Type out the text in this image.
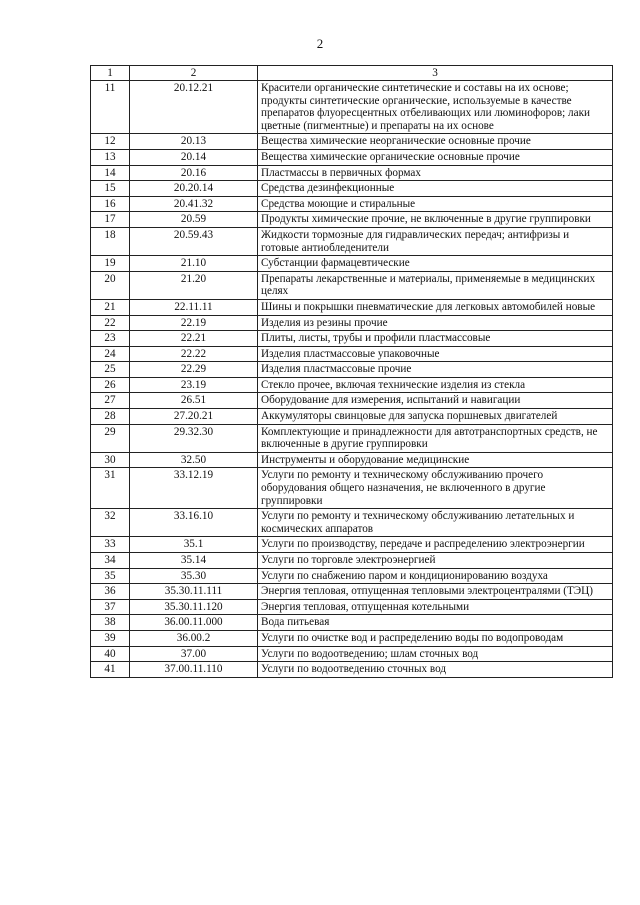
2
1	2	3
11	20.12.21	Красители органические синтетические и составы на их основе; продукты синтетические органические, используемые в качестве препаратов флуоресцентных отбеливающих или люминофоров; лаки цветные (пигментные) и препараты на их основе
12	20.13	Вещества химические неорганические основные прочие
13	20.14	Вещества химические органические основные прочие
14	20.16	Пластмассы в первичных формах
15	20.20.14	Средства дезинфекционные
16	20.41.32	Средства моющие и стиральные
17	20.59	Продукты химические прочие, не включенные в другие группировки
18	20.59.43	Жидкости тормозные для гидравлических передач; антифризы и готовые антиобледенители
19	21.10	Субстанции фармацевтические
20	21.20	Препараты лекарственные и материалы, применяемые в медицинских целях
21	22.11.11	Шины и покрышки пневматические для легковых автомобилей новые
22	22.19	Изделия из резины прочие
23	22.21	Плиты, листы, трубы и профили пластмассовые
24	22.22	Изделия пластмассовые упаковочные
25	22.29	Изделия пластмассовые прочие
26	23.19	Стекло прочее, включая технические изделия из стекла
27	26.51	Оборудование для измерения, испытаний и навигации
28	27.20.21	Аккумуляторы свинцовые для запуска поршневых двигателей
29	29.32.30	Комплектующие и принадлежности для автотранспортных средств, не включенные в другие группировки
30	32.50	Инструменты и оборудование медицинские
31	33.12.19	Услуги по ремонту и техническому обслуживанию прочего оборудования общего назначения, не включенного в другие группировки
32	33.16.10	Услуги по ремонту и техническому обслуживанию летательных и космических аппаратов
33	35.1	Услуги по производству, передаче и распределению электроэнергии
34	35.14	Услуги по торговле электроэнергией
35	35.30	Услуги по снабжению паром и кондиционированию воздуха
36	35.30.11.111	Энергия тепловая, отпущенная тепловыми электроцентралями (ТЭЦ)
37	35.30.11.120	Энергия тепловая, отпущенная котельными
38	36.00.11.000	Вода питьевая
39	36.00.2	Услуги по очистке вод и распределению воды по водопроводам
40	37.00	Услуги по водоотведению; шлам сточных вод
41	37.00.11.110	Услуги по водоотведению сточных вод
